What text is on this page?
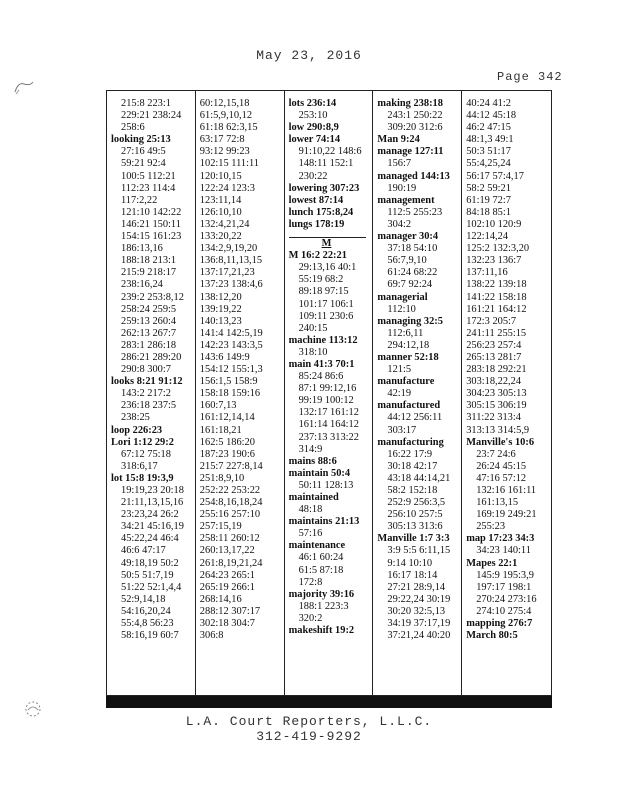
May 23, 2016
Page 342
215:8 223:1
229:21 238:24
258:6
looking 25:13
27:16 49:5
59:21 92:4
100:5 112:21
112:23 114:4
117:2,22
121:10 142:22
146:21 150:11
154:15 161:23
186:13,16
188:18 213:1
215:9 218:17
238:16,24
239:2 253:8,12
258:24 259:5
259:13 260:4
262:13 267:7
283:1 286:18
286:21 289:20
290:8 300:7
looks 8:21 91:12
143:2 217:2
236:18 237:5
238:25
loop 226:23
Lori 1:12 29:2
67:12 75:18
318:6,17
lot 15:8 19:3,9
19:19,23 20:18
21:11,13,15,16
23:23,24 26:2
34:21 45:16,19
45:22,24 46:4
46:6 47:17
49:18,19 50:2
50:5 51:7,19
51:22 52:1,4,4
52:9,14,18
54:16,20,24
55:4,8 56:23
58:16,19 60:7
60:12,15,18
61:5,9,10,12
61:18 62:3,15
63:17 72:8
93:12 99:23
102:15 111:11
120:10,15
122:24 123:3
123:11,14
126:10,10
132:4,21,24
133:20,22
134:2,9,19,20
136:8,11,13,15
137:17,21,23
137:23 138:4,6
138:12,20
139:19,22
140:13,23
141:4 142:5,19
142:23 143:3,5
143:6 149:9
154:12 155:1,3
156:1,5 158:9
158:18 159:16
160:7,13
161:12,14,14
161:18,21
162:5 186:20
187:23 190:6
215:7 227:8,14
251:8,9,10
252:22 253:22
254:8,16,18,24
255:16 257:10
257:15,19
258:11 260:12
260:13,17,22
261:8,19,21,24
264:23 265:1
265:19 266:1
268:14,16
288:12 307:17
302:18 304:7
306:8
lots 236:14
253:10
low 290:8,9
lower 74:14
91:10,22 148:6
148:11 152:1
230:22
lowering 307:23
lowest 87:14
lunch 175:8,24
lungs 178:19
M
M 16:2 22:21
29:13,16 40:1
55:19 68:2
89:18 97:15
101:17 106:1
109:11 230:6
240:15
machine 113:12
318:10
main 41:3 70:1
85:24 86:6
87:1 99:12,16
99:19 100:12
132:17 161:12
161:14 164:12
237:13 313:22
314:9
mains 88:6
maintain 50:4
50:11 128:13
maintained
48:18
maintains 21:13
57:16
maintenance
46:1 60:24
61:5 87:18
172:8
majority 39:16
188:1 223:3
320:2
makeshift 19:2
making 238:18
243:1 250:22
309:20 312:6
Man 9:24
manage 127:11
156:7
managed 144:13
190:19
management
112:5 255:23
304:2
manager 30:4
37:18 54:10
56:7,9,10
61:24 68:22
69:7 92:24
managerial
112:10
managing 32:5
112:6,11
294:12,18
manner 52:18
121:5
manufacture
42:19
manufactured
44:12 256:11
303:17
manufacturing
16:22 17:9
30:18 42:17
43:18 44:14,21
58:2 152:18
252:9 256:3,5
256:10 257:5
305:13 313:6
Manville 1:7 3:3
3:9 5:5 6:11,15
9:14 10:10
16:17 18:14
27:21 28:9,14
29:22,24 30:19
30:20 32:5,13
34:19 37:17,19
37:21,24 40:20
40:24 41:2
44:12 45:18
46:2 47:15
48:1,3 49:1
50:3 51:17
55:4,25,24
56:17 57:4,17
58:2 59:21
61:19 72:7
84:18 85:1
102:10 120:9
122:14,24
125:2 132:3,20
132:23 136:7
137:11,16
138:22 139:18
141:22 158:18
161:21 164:12
172:3 205:7
241:11 255:15
256:23 257:4
265:13 281:7
283:18 292:21
303:18,22,24
304:23 305:13
305:15 306:19
311:22 313:4
313:13 314:5,9
Manville's 10:6
23:7 24:6
26:24 45:15
47:16 57:12
132:16 161:11
161:13,15
169:19 249:21
255:23
map 17:23 34:3
34:23 140:11
Mapes 22:1
145:9 195:3,9
197:17 198:1
270:24 273:16
274:10 275:4
mapping 276:7
March 80:5
L.A. Court Reporters, L.L.C.
312-419-9292
